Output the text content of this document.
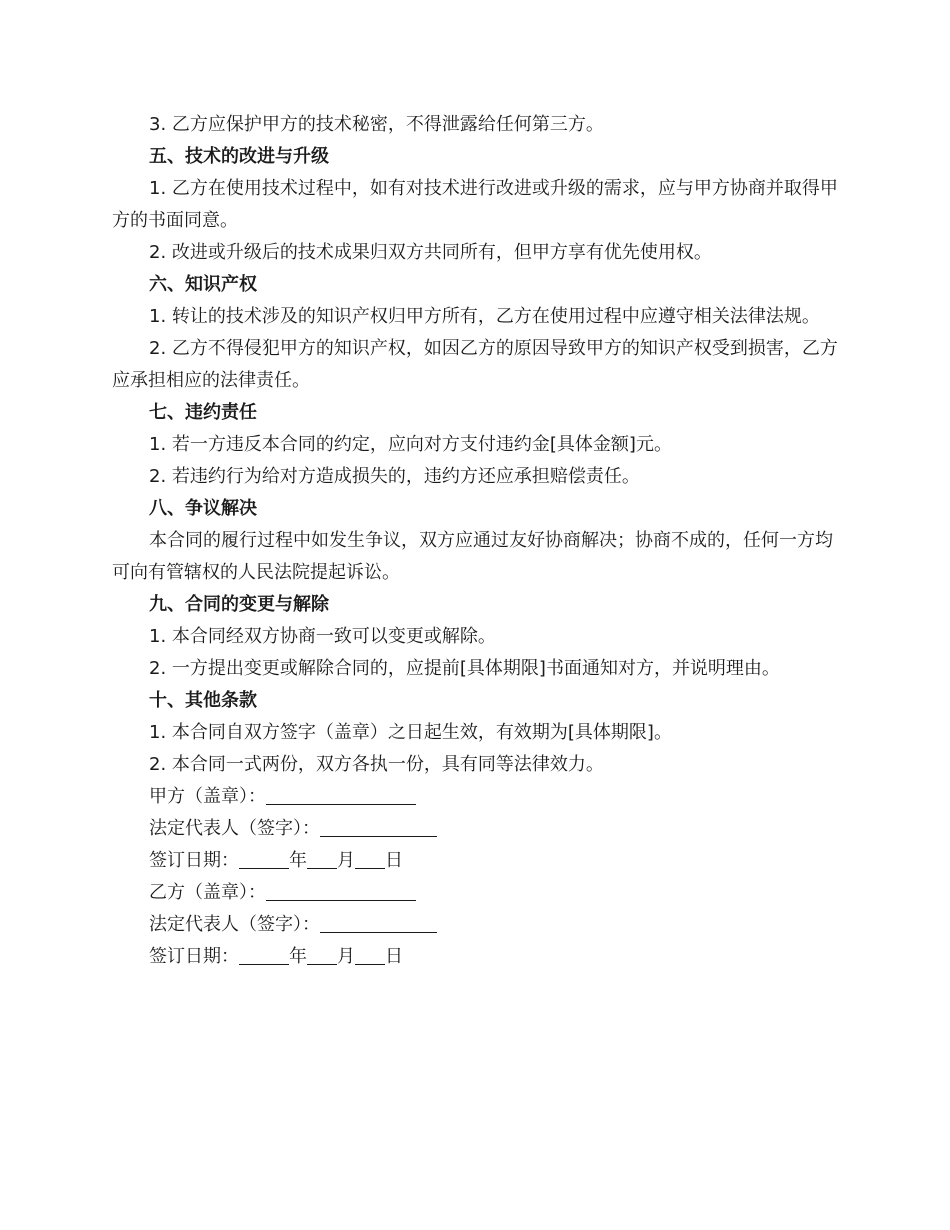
3. 乙方应保护甲方的技术秘密，不得泄露给任何第三方。
五、技术的改进与升级
1. 乙方在使用技术过程中，如有对技术进行改进或升级的需求，应与甲方协商并取得甲方的书面同意。
2. 改进或升级后的技术成果归双方共同所有，但甲方享有优先使用权。
六、知识产权
1. 转让的技术涉及的知识产权归甲方所有，乙方在使用过程中应遵守相关法律法规。
2. 乙方不得侵犯甲方的知识产权，如因乙方的原因导致甲方的知识产权受到损害，乙方应承担相应的法律责任。
七、违约责任
1. 若一方违反本合同的约定，应向对方支付违约金[具体金额]元。
2. 若违约行为给对方造成损失的，违约方还应承担赔偿责任。
八、争议解决
本合同的履行过程中如发生争议，双方应通过友好协商解决；协商不成的，任何一方均可向有管辖权的人民法院提起诉讼。
九、合同的变更与解除
1. 本合同经双方协商一致可以变更或解除。
2. 一方提出变更或解除合同的，应提前[具体期限]书面通知对方，并说明理由。
十、其他条款
1. 本合同自双方签字（盖章）之日起生效，有效期为[具体期限]。
2. 本合同一式两份，双方各执一份，具有同等法律效力。
甲方（盖章）：
法定代表人（签字）：
签订日期：	年 月 日
乙方（盖章）：
法定代表人（签字）：
签订日期：	年 月 日
